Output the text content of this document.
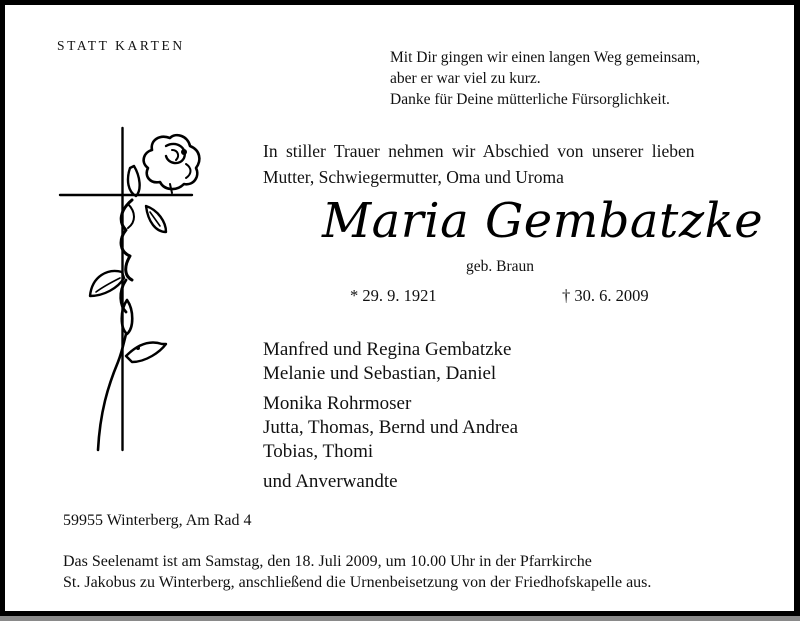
STATT KARTEN
Mit Dir gingen wir einen langen Weg gemeinsam,
aber er war viel zu kurz.
Danke für Deine mütterliche Fürsorglichkeit.
In stiller Trauer nehmen wir Abschied von unserer lieben
Mutter, Schwiegermutter, Oma und Uroma
Maria Gembatzke
geb. Braun
* 29. 9. 1921	† 30. 6. 2009
Manfred und Regina Gembatzke
Melanie und Sebastian, Daniel
Monika Rohrmoser
Jutta, Thomas, Bernd und Andrea
Tobias, Thomi
und Anverwandte
59955 Winterberg, Am Rad 4
Das Seelenamt ist am Samstag, den 18. Juli 2009, um 10.00 Uhr in der Pfarrkirche
St. Jakobus zu Winterberg, anschließend die Urnenbeisetzung von der Friedhofskapelle aus.
